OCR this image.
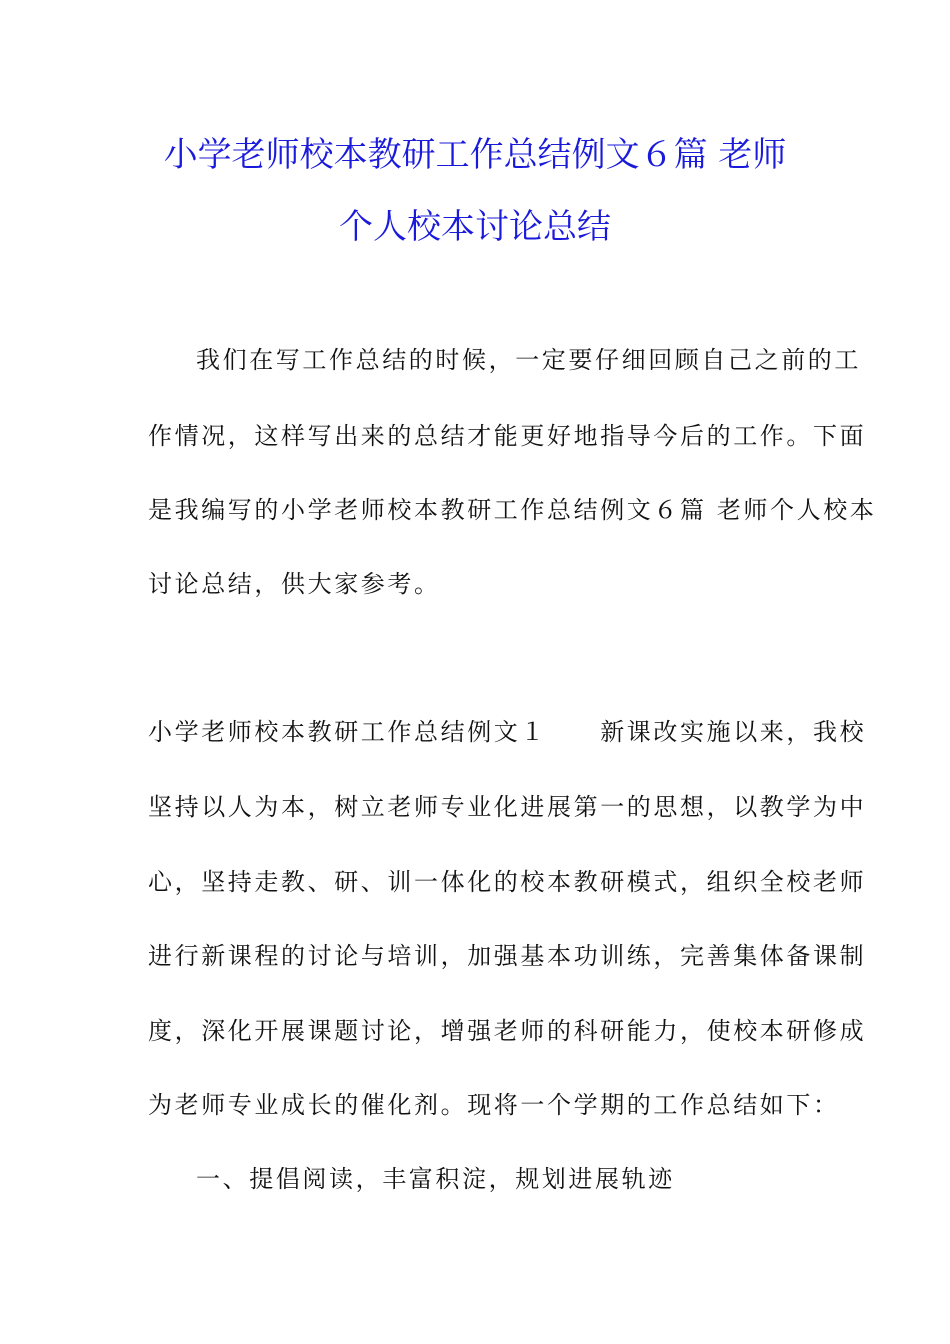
小学老师校本教研工作总结例文６篇 老师
个人校本讨论总结
我们在写工作总结的时候，一定要仔细回顾自己之前的工
作情况，这样写出来的总结才能更好地指导今后的工作。下面
是我编写的小学老师校本教研工作总结例文６篇 老师个人校本
讨论总结，供大家参考。
小学老师校本教研工作总结例文１　　新课改实施以来，我校
坚持以人为本，树立老师专业化进展第一的思想，以教学为中
心，坚持走教、研、训一体化的校本教研模式，组织全校老师
进行新课程的讨论与培训，加强基本功训练，完善集体备课制
度，深化开展课题讨论，增强老师的科研能力，使校本研修成
为老师专业成长的催化剂。现将一个学期的工作总结如下：
一、提倡阅读，丰富积淀，规划进展轨迹
